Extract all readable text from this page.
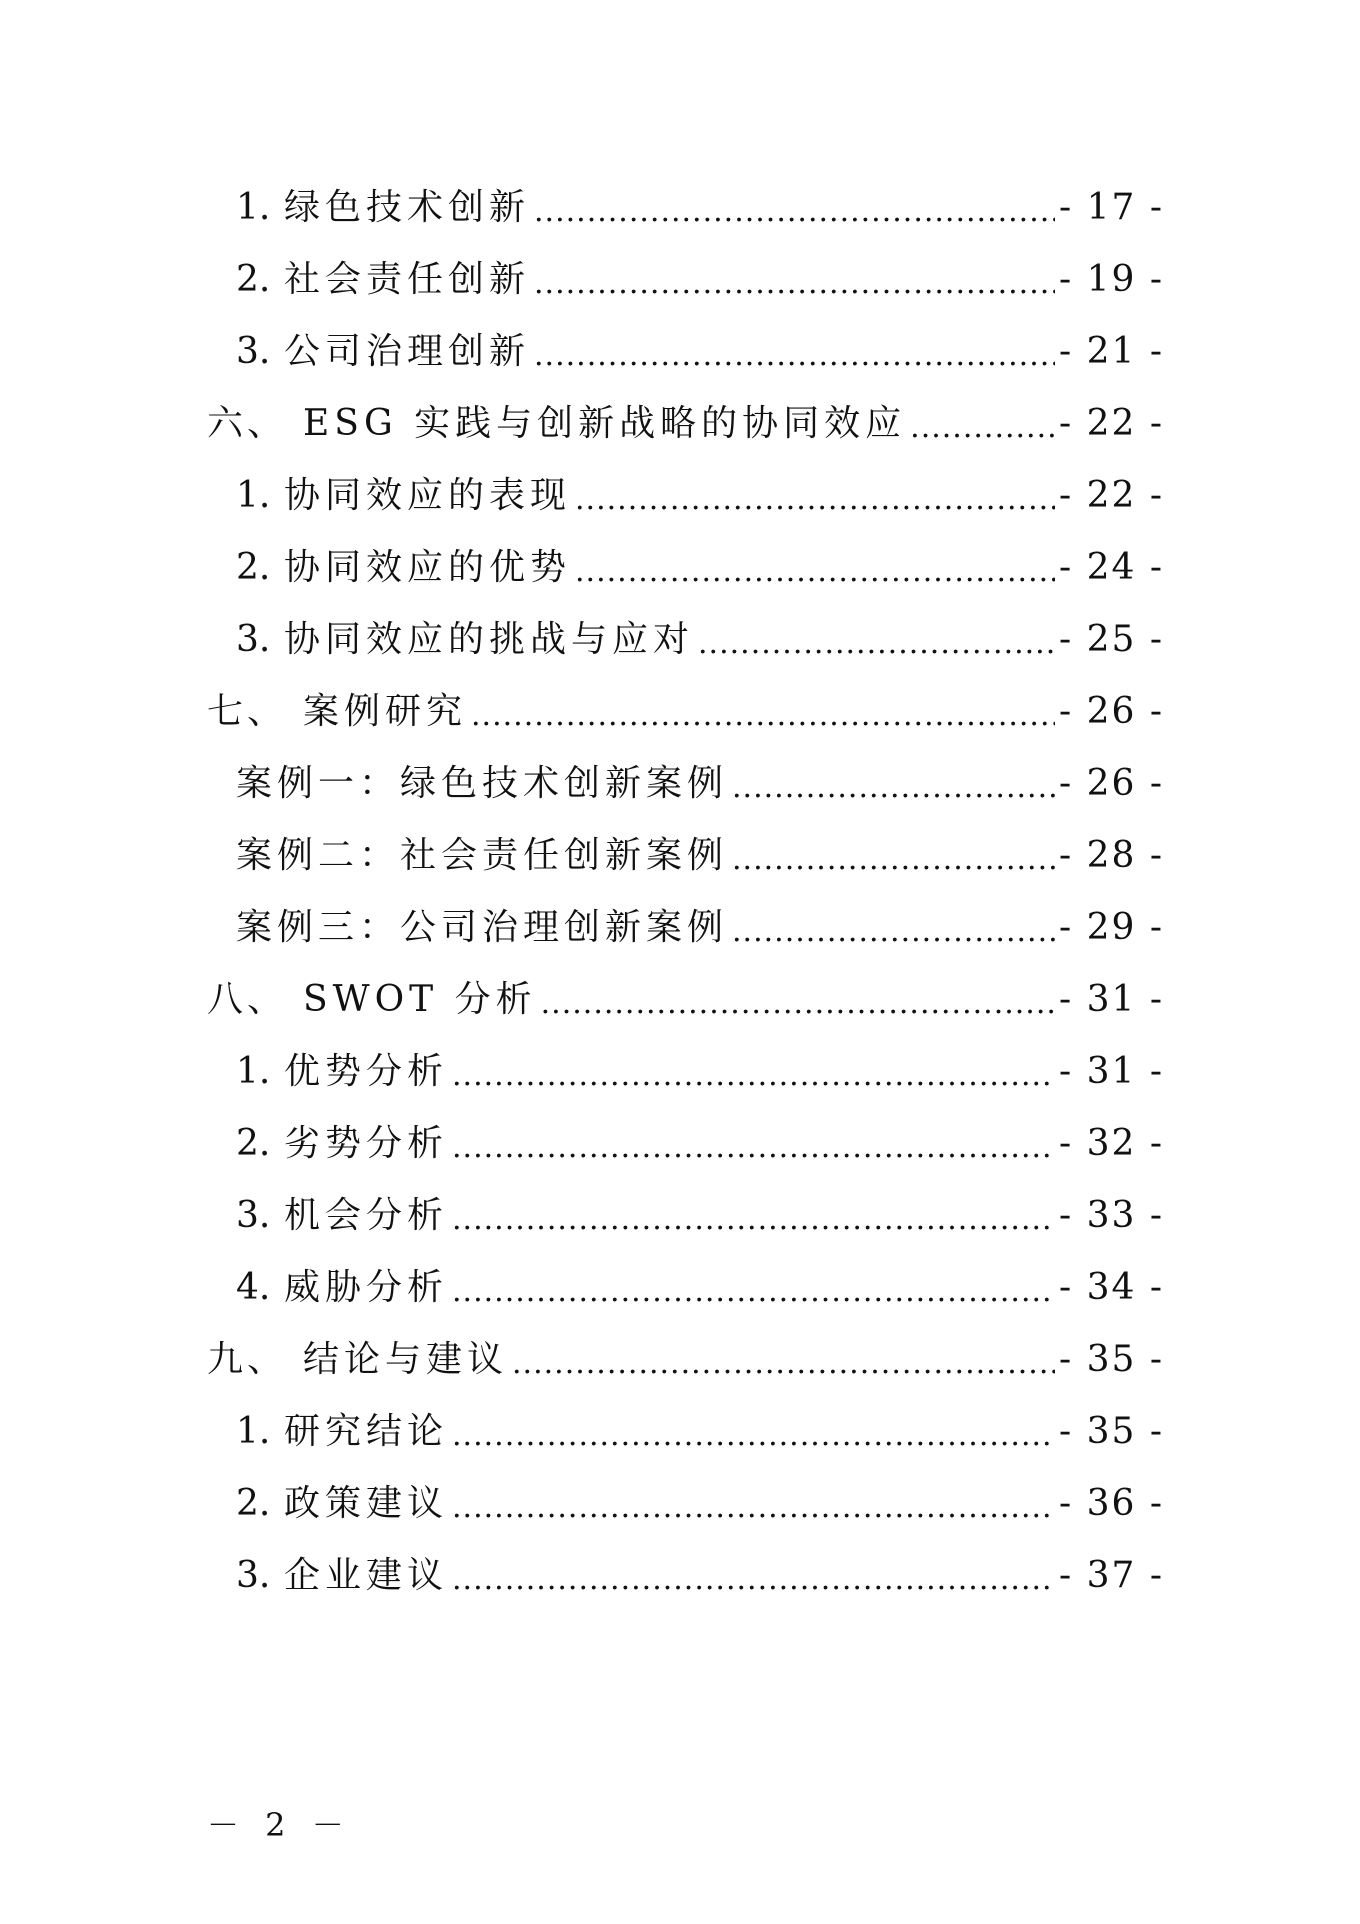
1. 绿色技术创新 .....	- 17 -
2. 社会责任创新 .....	- 19 -
3. 公司治理创新 .....	- 21 -
六、 ESG 实践与创新战略的协同效应 .....	- 22 -
1. 协同效应的表现 .....	- 22 -
2. 协同效应的优势 .....	- 24 -
3. 协同效应的挑战与应对 .....	- 25 -
七、 案例研究 .....	- 26 -
案例一：绿色技术创新案例 .....	- 26 -
案例二：社会责任创新案例 .....	- 28 -
案例三：公司治理创新案例 .....	- 29 -
八、 SWOT 分析 .....	- 31 -
1. 优势分析 .....	- 31 -
2. 劣势分析 .....	- 32 -
3. 机会分析 .....	- 33 -
4. 威胁分析 .....	- 34 -
九、 结论与建议 .....	- 35 -
1. 研究结论 .....	- 35 -
2. 政策建议 .....	- 36 -
3. 企业建议 .....	- 37 -
－ 2 －
